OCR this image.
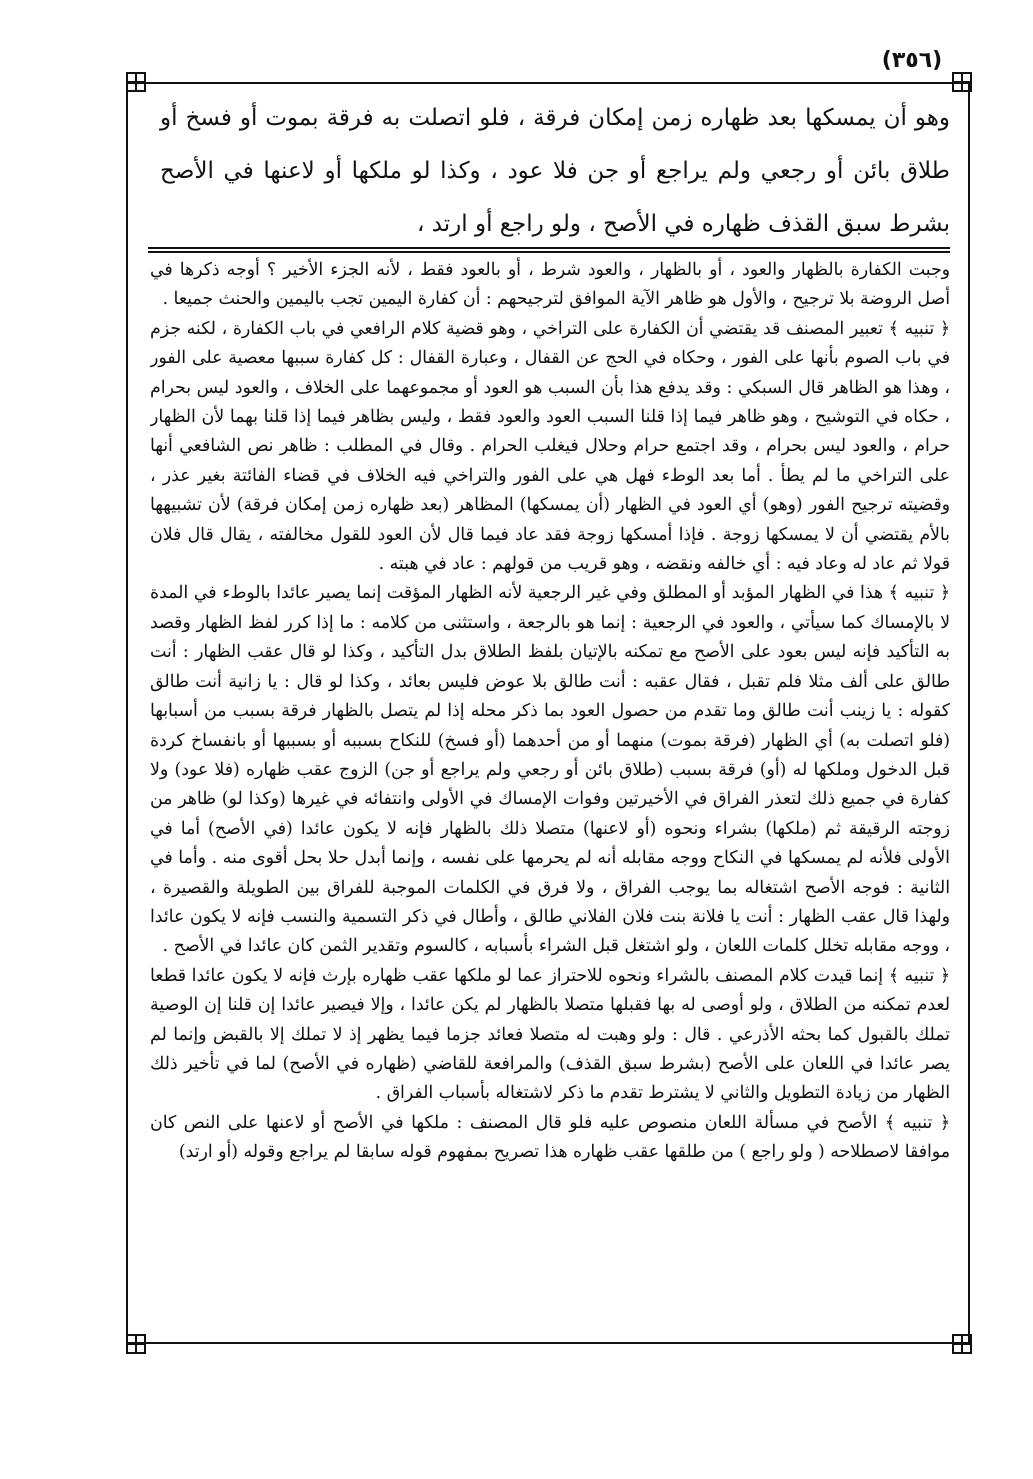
(٣٥٦)
وهو أن يمسكها بعد ظهاره زمن إمكان فرقة ، فلو اتصلت به فرقة بموت أو فسخ أو طلاق بائن أو رجعي ولم يراجع أو جن فلا عود ، وكذا لو ملكها أو لاعنها في الأصح بشرط سبق القذف ظهاره في الأصح ، ولو راجع أو ارتد ،

وجبت الكفارة بالظهار والعود ، أو بالظهار ، والعود شرط ، أو بالعود فقط ، لأنه الجزء الأخير ؟ أوجه ذكرها في أصل الروضة بلا ترجيح ، والأول هو ظاهر الآية الموافق لترجيحهم : أن كفارة اليمين تجب باليمين والحنث جميعا .

﴿ تنبيه ﴾ تعبير المصنف قد يقتضي أن الكفارة على التراخي ، وهو قضية كلام الرافعي في باب الكفارة ، لكنه جزم في باب الصوم بأنها على الفور ، وحكاه في الحج عن القفال ، وعبارة القفال : كل كفارة سببها معصية على الفور ، وهذا هو الظاهر قال السبكي : وقد يدفع هذا بأن السبب هو العود أو مجموعهما على الخلاف ، والعود ليس بحرام ، حكاه في التوشيح ، وهو ظاهر فيما إذا قلنا السبب العود والعود فقط ، وليس بظاهر فيما إذا قلنا بهما لأن الظهار حرام ، والعود ليس بحرام ، وقد اجتمع حرام وحلال فيغلب الحرام . وقال في المطلب : ظاهر نص الشافعي أنها على التراخي ما لم يطأ . أما بعد الوطء فهل هي على الفور والتراخي فيه الخلاف في قضاء الفائتة بغير عذر ، وقضيته ترجيح الفور (وهو) أي العود في الظهار (أن يمسكها) المظاهر (بعد ظهاره زمن إمكان فرقة) لأن تشبيهها بالأم يقتضي أن لا يمسكها زوجة . فإذا أمسكها زوجة فقد عاد فيما قال لأن العود للقول مخالفته ، يقال قال فلان قولا ثم عاد له وعاد فيه : أي خالفه ونقضه ، وهو قريب من قولهم : عاد في هبته .

﴿ تنبيه ﴾ هذا في الظهار المؤبد أو المطلق وفي غير الرجعية لأنه الظهار المؤقت إنما يصير عائدا بالوطء في المدة لا بالإمساك كما سيأتي ، والعود في الرجعية : إنما هو بالرجعة ، واستثنى من كلامه : ما إذا كرر لفظ الظهار وقصد به التأكيد فإنه ليس بعود على الأصح مع تمكنه بالإتيان بلفظ الطلاق بدل التأكيد ، وكذا لو قال عقب الظهار : أنت طالق على ألف مثلا فلم تقبل ، فقال عقبه : أنت طالق بلا عوض فليس بعائد ، وكذا لو قال : يا زانية أنت طالق كقوله : يا زينب أنت طالق وما تقدم من حصول العود بما ذكر محله إذا لم يتصل بالظهار فرقة بسبب من أسبابها (فلو اتصلت به) أي الظهار (فرقة بموت) منهما أو من أحدهما (أو فسخ) للنكاح بسببه أو بسببها أو بانفساخ كردة قبل الدخول وملكها له (أو) فرقة بسبب (طلاق بائن أو رجعي ولم يراجع أو جن) الزوج عقب ظهاره (فلا عود) ولا كفارة في جميع ذلك لتعذر الفراق في الأخيرتين وفوات الإمساك في الأولى وانتفائه في غيرها (وكذا لو) ظاهر من زوجته الرقيقة ثم (ملكها) بشراء ونحوه (أو لاعنها) متصلا ذلك بالظهار فإنه لا يكون عائدا (في الأصح) أما في الأولى فلأنه لم يمسكها في النكاح ووجه مقابله أنه لم يحرمها على نفسه ، وإنما أبدل حلا بحل أقوى منه . وأما في الثانية : فوجه الأصح اشتغاله بما يوجب الفراق ، ولا فرق في الكلمات الموجبة للفراق بين الطويلة والقصيرة ، ولهذا قال عقب الظهار : أنت يا فلانة بنت فلان الفلاني طالق ، وأطال في ذكر التسمية والنسب فإنه لا يكون عائدا ، ووجه مقابله تخلل كلمات اللعان ، ولو اشتغل قبل الشراء بأسبابه ، كالسوم وتقدير الثمن كان عائدا في الأصح .

﴿ تنبيه ﴾ إنما قيدت كلام المصنف بالشراء ونحوه للاحتراز عما لو ملكها عقب ظهاره بإرث فإنه لا يكون عائدا قطعا لعدم تمكنه من الطلاق ، ولو أوصى له بها فقبلها متصلا بالظهار لم يكن عائدا ، وإلا فيصير عائدا إن قلنا إن الوصية تملك بالقبول كما بحثه الأذرعي . قال : ولو وهبت له متصلا فعائد جزما فيما يظهر إذ لا تملك إلا بالقبض وإنما لم يصر عائدا في اللعان على الأصح (بشرط سبق القذف) والمرافعة للقاضي (ظهاره في الأصح) لما في تأخير ذلك الظهار من زيادة التطويل والثاني لا يشترط تقدم ما ذكر لاشتغاله بأسباب الفراق .

﴿ تنبيه ﴾ الأصح في مسألة اللعان منصوص عليه فلو قال المصنف : ملكها في الأصح أو لاعنها على النص كان موافقا لاصطلاحه ( ولو راجع ) من طلقها عقب ظهاره هذا تصريح بمفهوم قوله سابقا لم يراجع وقوله (أو ارتد)
